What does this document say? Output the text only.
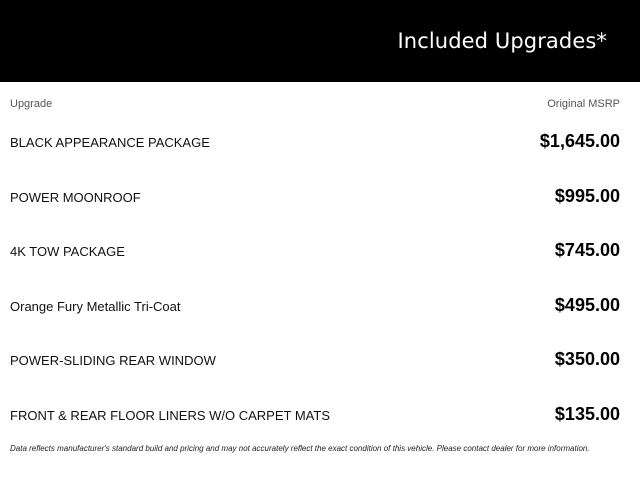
Included Upgrades*
Upgrade	Original MSRP
BLACK APPEARANCE PACKAGE	$1,645.00
POWER MOONROOF	$995.00
4K TOW PACKAGE	$745.00
Orange Fury Metallic Tri-Coat	$495.00
POWER-SLIDING REAR WINDOW	$350.00
FRONT & REAR FLOOR LINERS W/O CARPET MATS	$135.00
Data reflects manufacturer's standard build and pricing and may not accurately reflect the exact condition of this vehicle. Please contact dealer for more information.
